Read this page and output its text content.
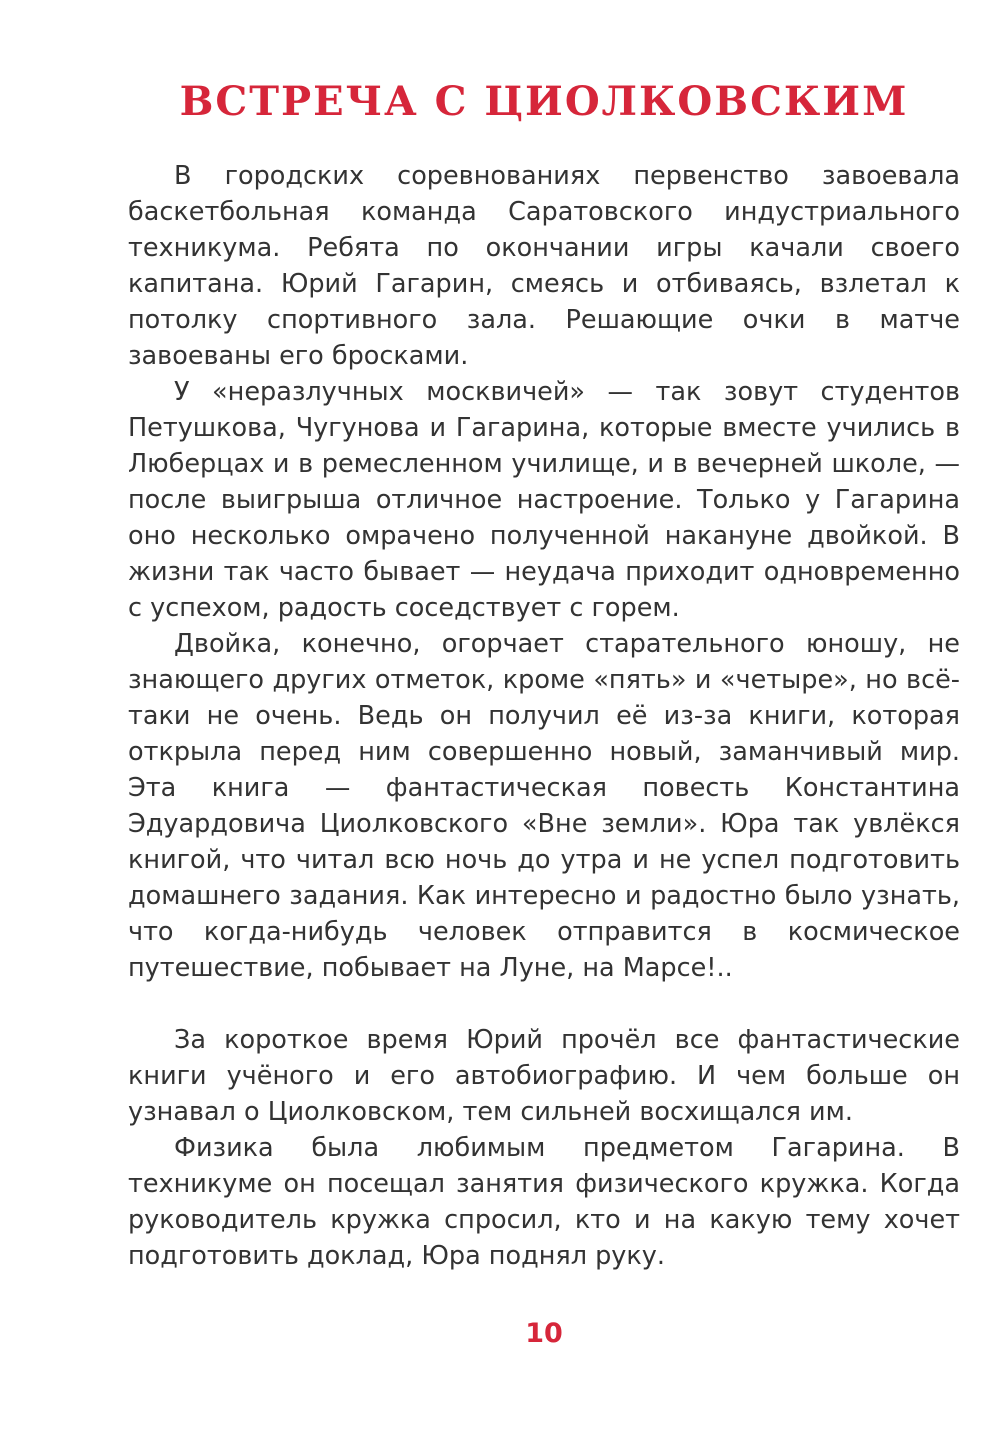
ВСТРЕЧА С ЦИОЛКОВСКИМ

В городских соревнованиях первенство завоевала баскетбольная команда Саратовского индустриального техникума. Ребята по окончании игры качали своего капитана. Юрий Гагарин, смеясь и отбиваясь, взлетал к потолку спортивного зала. Решающие очки в матче завоеваны его бросками.

У «неразлучных москвичей» — так зовут студентов Петушкова, Чугунова и Гагарина, которые вместе учились в Люберцах и в ремесленном училище, и в вечерней школе, — после выигрыша отличное настроение. Только у Гагарина оно несколько омрачено полученной накануне двойкой. В жизни так часто бывает — неудача приходит одновременно с успехом, радость соседствует с горем.

Двойка, конечно, огорчает старательного юношу, не знающего других отметок, кроме «пять» и «четыре», но всё-таки не очень. Ведь он получил её из-за книги, которая открыла перед ним совершенно новый, заманчивый мир. Эта книга — фантастическая повесть Константина Эдуардовича Циолковского «Вне земли». Юра так увлёкся книгой, что читал всю ночь до утра и не успел подготовить домашнего задания. Как интересно и радостно было узнать, что когда-нибудь человек отправится в космическое путешествие, побывает на Луне, на Марсе!..

За короткое время Юрий прочёл все фантастические книги учёного и его автобиографию. И чем больше он узнавал о Циолковском, тем сильней восхищался им.

Физика была любимым предметом Гагарина. В техникуме он посещал занятия физического кружка. Когда руководитель кружка спросил, кто и на какую тему хочет подготовить доклад, Юра поднял руку.

10
